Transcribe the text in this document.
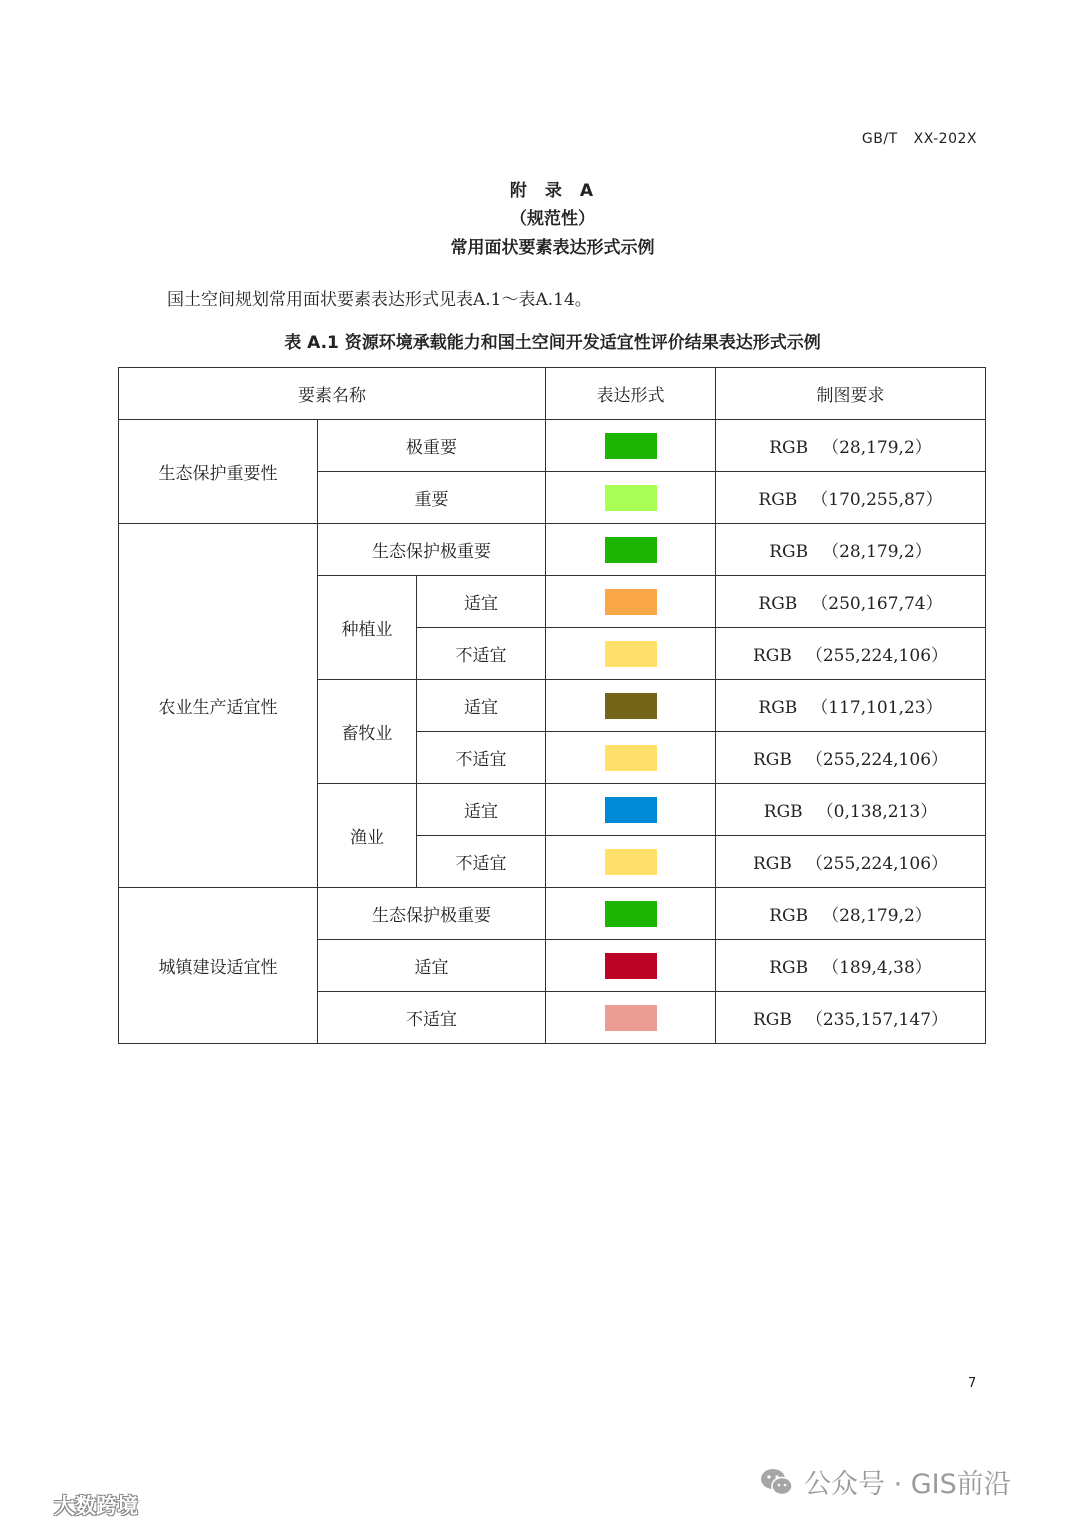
GB/T XX-202X
附 录 A
（规范性）
常用面状要素表达形式示例
国土空间规划常用面状要素表达形式见表A.1～表A.14。
表 A.1 资源环境承载能力和国土空间开发适宜性评价结果表达形式示例
要素名称			表达形式	制图要求
生态保护重要性	极重要			RGB （28,179,2）
	重要			RGB （170,255,87）
农业生产适宜性	生态保护极重要			RGB （28,179,2）
	种植业	适宜		RGB （250,167,74）
		不适宜		RGB （255,224,106）
	畜牧业	适宜		RGB （117,101,23）
		不适宜		RGB （255,224,106）
	渔业	适宜		RGB （0,138,213）
		不适宜		RGB （255,224,106）
城镇建设适宜性	生态保护极重要			RGB （28,179,2）
	适宜			RGB （189,4,38）
	不适宜			RGB （235,157,147）
7
公众号 · GIS前沿
大数跨境
